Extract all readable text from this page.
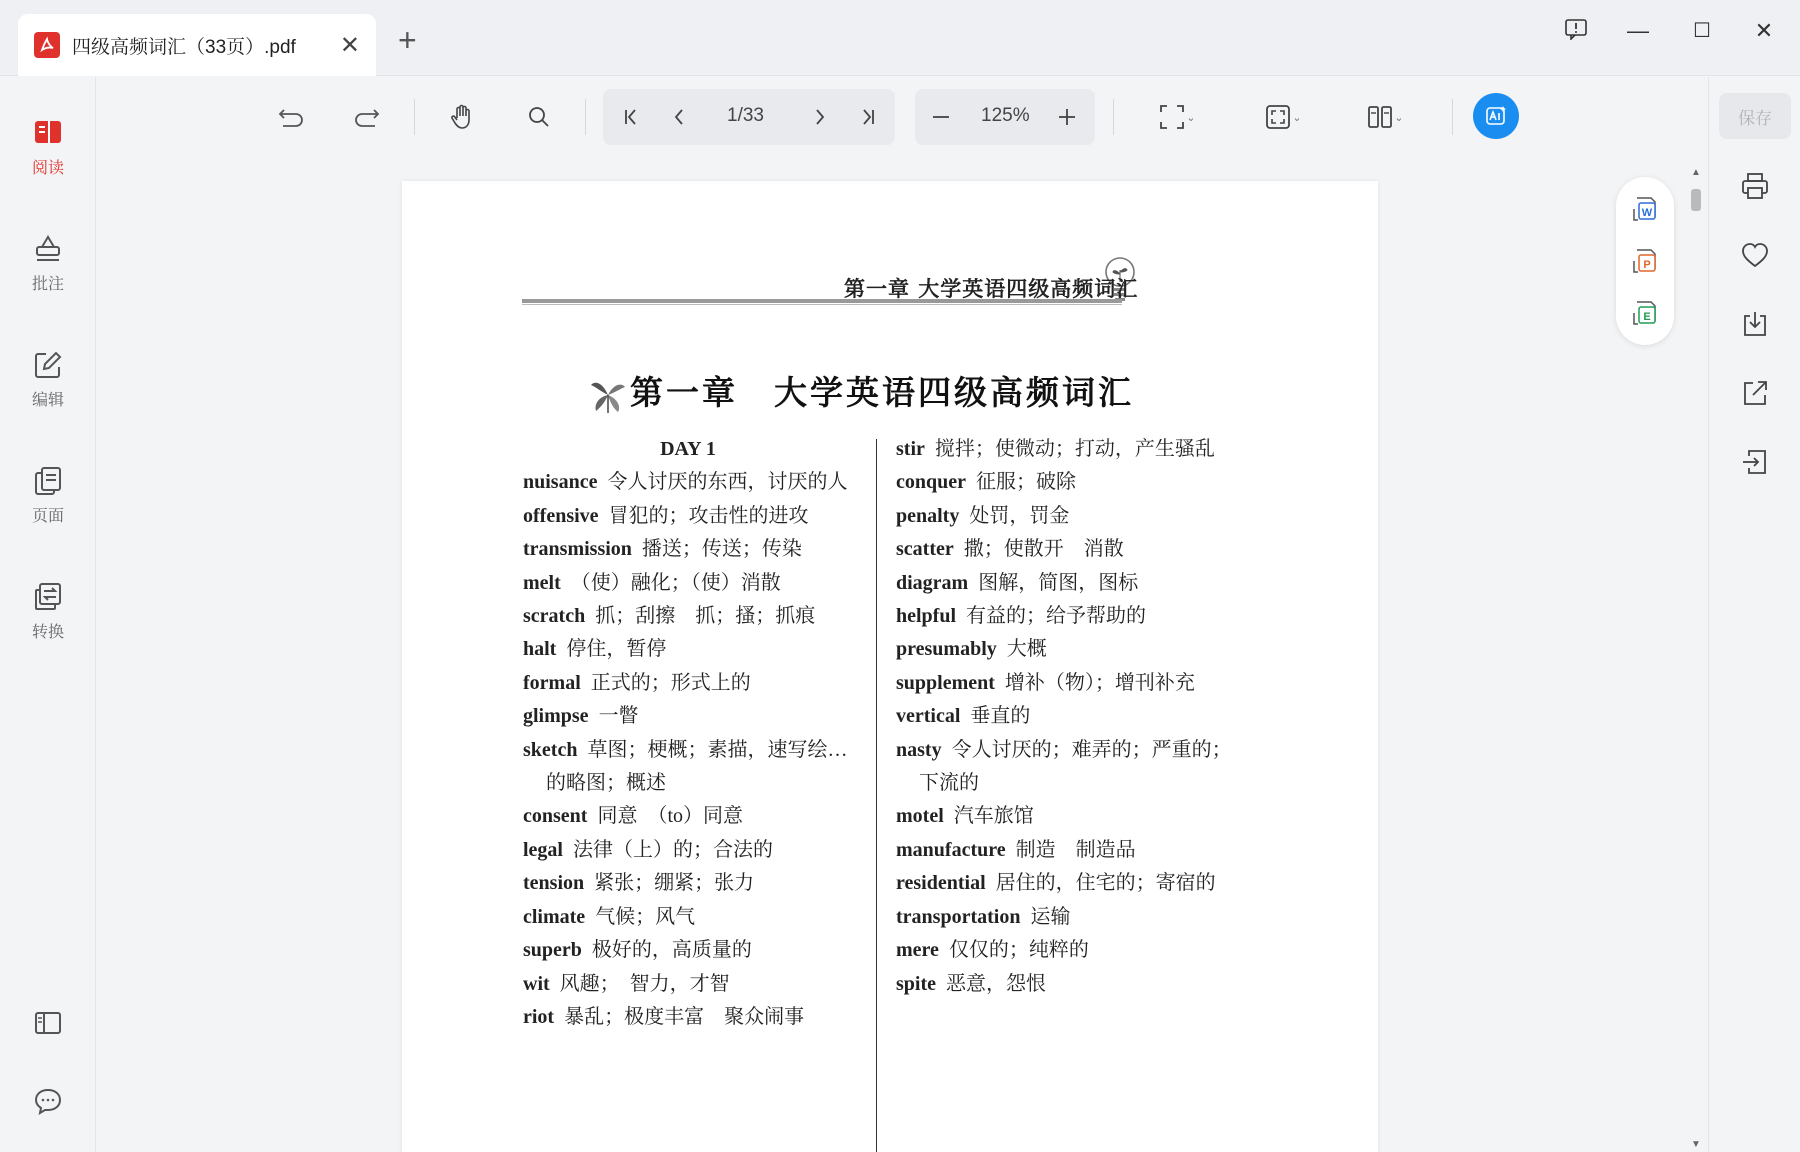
四级高频词汇（33页）.pdf	✕ +	—	☐	✕
阅读
批注
编辑
页面
转换
1/33	125%	⌄	⌄	⌄
第一章 大学英语四级高频词汇
第一章　大学英语四级高频词汇
DAY 1
nuisance 令人讨厌的东西，讨厌的人
offensive 冒犯的；攻击性的进攻
transmission 播送；传送；传染
melt （使）融化；（使）消散
scratch 抓；刮擦　抓；搔；抓痕
halt 停住，暂停
formal 正式的；形式上的
glimpse 一瞥
sketch 草图；梗概；素描，速写绘…的略图；概述
consent 同意　（to）同意
legal 法律（上）的；合法的
tension 紧张；绷紧；张力
climate 气候；风气
superb 极好的，高质量的
wit 风趣；　智力，才智
riot 暴乱；极度丰富　聚众闹事
stir 搅拌；使微动；打动，产生骚乱
conquer 征服；破除
penalty 处罚，罚金
scatter 撒；使散开　消散
diagram 图解，简图，图标
helpful 有益的；给予帮助的
presumably 大概
supplement 增补（物）；增刊补充
vertical 垂直的
nasty 令人讨厌的；难弄的；严重的；下流的
motel 汽车旅馆
manufacture 制造　制造品
residential 居住的，住宅的；寄宿的
transportation 运输
mere 仅仅的；纯粹的
spite 恶意，怨恨
W
P
E
▲
▼
保存
